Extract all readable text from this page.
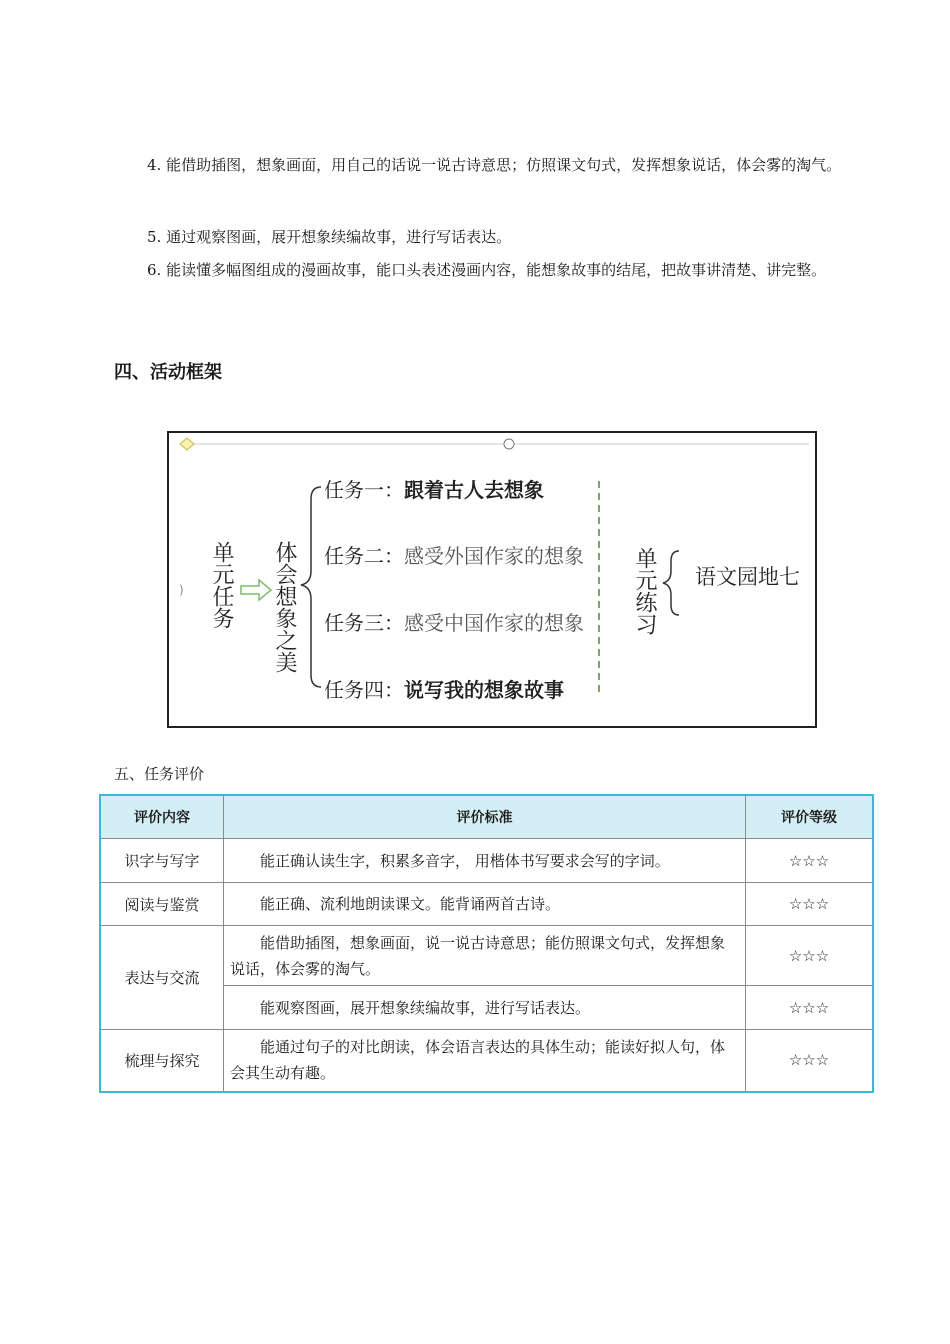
4. 能借助插图，想象画面，用自己的话说一说古诗意思；仿照课文句式，发挥想象说话，体会雾的淘气。

5. 通过观察图画，展开想象续编故事，进行写话表达。

6. 能读懂多幅图组成的漫画故事，能口头表述漫画内容，能想象故事的结尾，把故事讲清楚、讲完整。

四、活动框架
) 单元任务 体会想象之美
任务一：跟着古人去想象
任务二：感受外国作家的想象
任务三：感受中国作家的想象
任务四：说写我的想象故事
单元练习 语文园地七
五、任务评价
评价内容	评价标准	评价等级
识字与写字	能正确认读生字，积累多音字， 用楷体书写要求会写的字词。	☆☆☆
阅读与鉴赏	能正确、流利地朗读课文。能背诵两首古诗。	☆☆☆
表达与交流	能借助插图，想象画面，说一说古诗意思；能仿照课文句式，发挥想象说话，体会雾的淘气。	☆☆☆
	能观察图画，展开想象续编故事，进行写话表达。	☆☆☆
梳理与探究	能通过句子的对比朗读，体会语言表达的具体生动；能读好拟人句，体会其生动有趣。	☆☆☆
